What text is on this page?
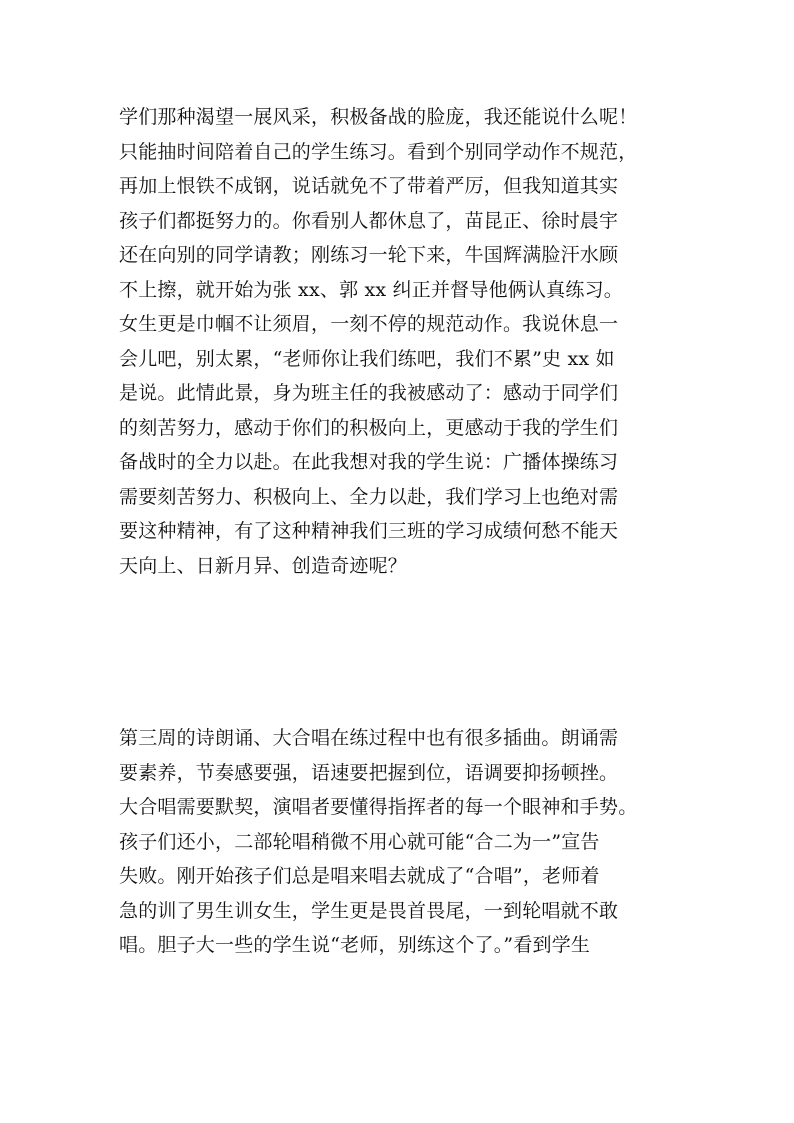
学们那种渴望一展风采，积极备战的脸庞，我还能说什么呢！
只能抽时间陪着自己的学生练习。看到个别同学动作不规范，
再加上恨铁不成钢，说话就免不了带着严厉，但我知道其实
孩子们都挺努力的。你看别人都休息了，苗昆正、徐时晨宇
还在向别的同学请教；刚练习一轮下来，牛国辉满脸汗水顾
不上擦，就开始为张 xx、郭 xx 纠正并督导他俩认真练习。
女生更是巾帼不让须眉，一刻不停的规范动作。我说休息一
会儿吧，别太累，“老师你让我们练吧，我们不累”史 xx 如
是说。此情此景，身为班主任的我被感动了：感动于同学们
的刻苦努力，感动于你们的积极向上，更感动于我的学生们
备战时的全力以赴。在此我想对我的学生说：广播体操练习
需要刻苦努力、积极向上、全力以赴，我们学习上也绝对需
要这种精神，有了这种精神我们三班的学习成绩何愁不能天
天向上、日新月异、创造奇迹呢？
第三周的诗朗诵、大合唱在练过程中也有很多插曲。朗诵需
要素养，节奏感要强，语速要把握到位，语调要抑扬顿挫。
大合唱需要默契，演唱者要懂得指挥者的每一个眼神和手势。
孩子们还小，二部轮唱稍微不用心就可能“合二为一”宣告
失败。刚开始孩子们总是唱来唱去就成了“合唱”，老师着
急的训了男生训女生，学生更是畏首畏尾，一到轮唱就不敢
唱。胆子大一些的学生说“老师，别练这个了。”看到学生
